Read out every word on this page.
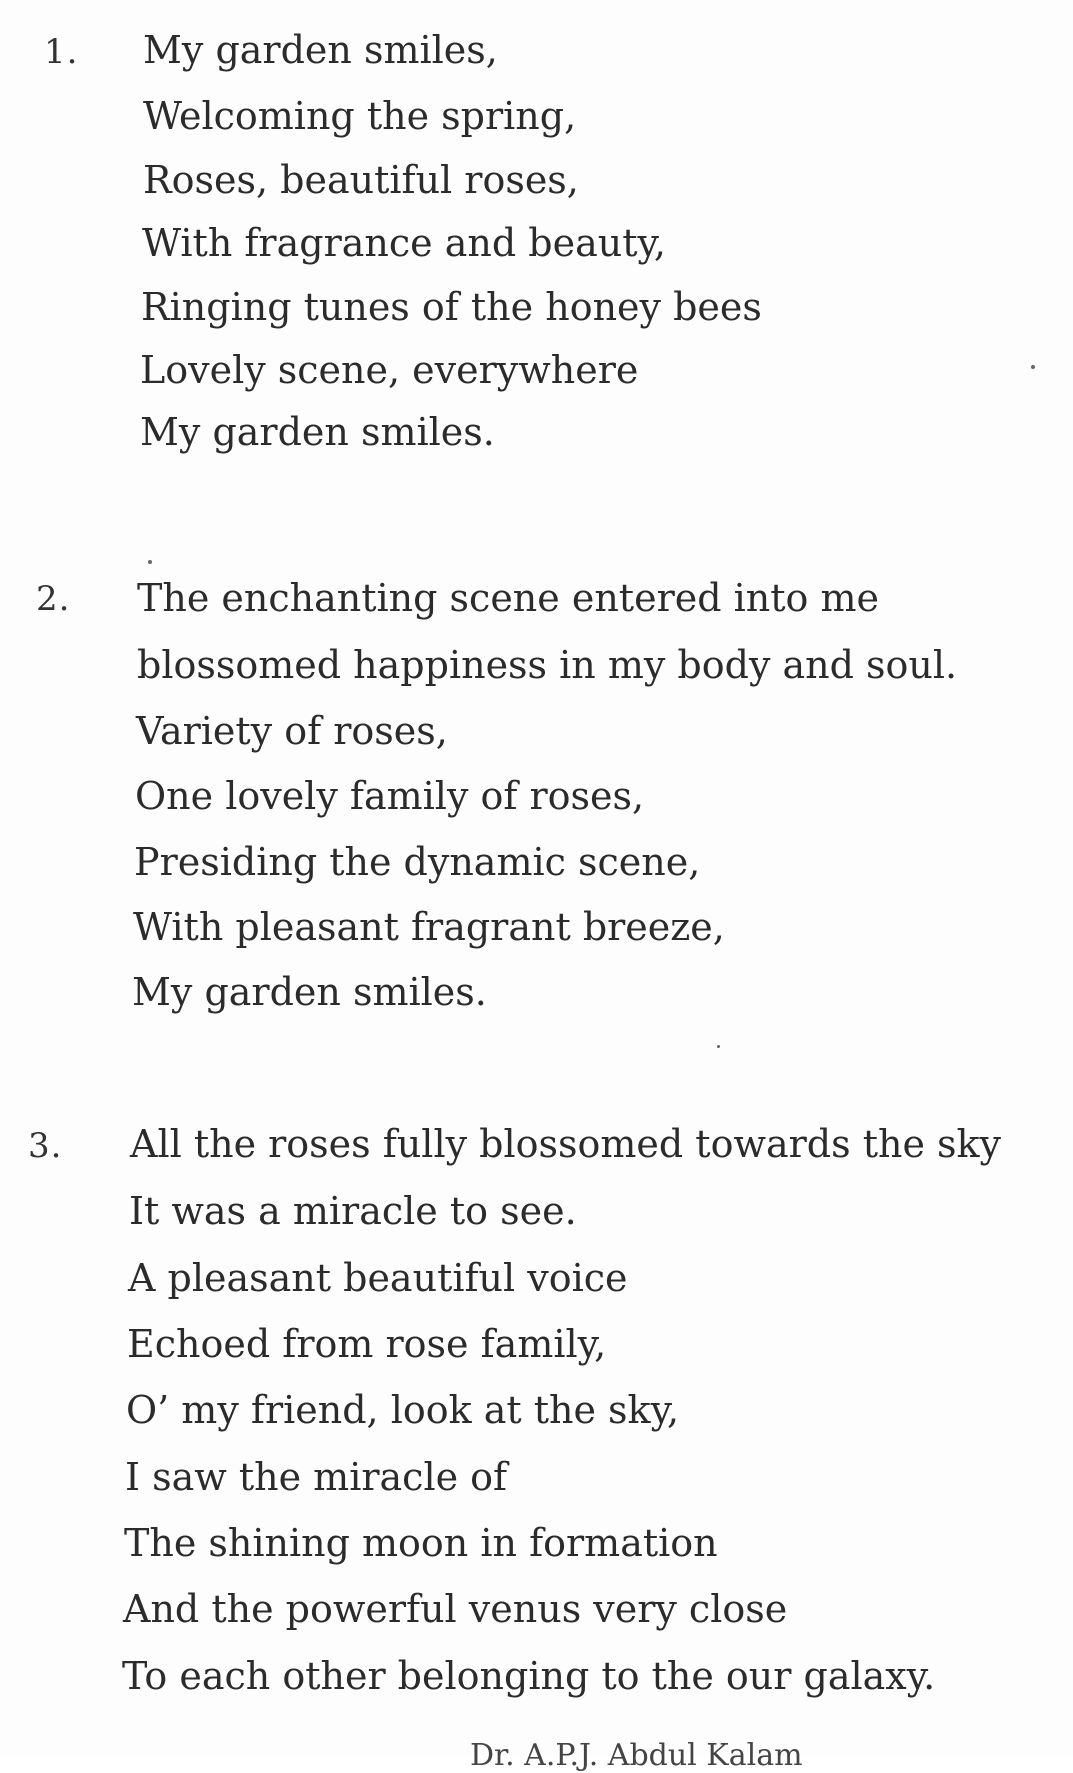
1. My garden smiles,
Welcoming the spring,
Roses, beautiful roses,
With fragrance and beauty,
Ringing tunes of the honey bees
Lovely scene, everywhere
My garden smiles.
2. The enchanting scene entered into me
blossomed happiness in my body and soul.
Variety of roses,
One lovely family of roses,
Presiding the dynamic scene,
With pleasant fragrant breeze,
My garden smiles.
3. All the roses fully blossomed towards the sky
It was a miracle to see.
A pleasant beautiful voice
Echoed from rose family,
O’ my friend, look at the sky,
I saw the miracle of
The shining moon in formation
And the powerful venus very close
To each other belonging to the our galaxy.
Dr. A.P.J. Abdul Kalam
